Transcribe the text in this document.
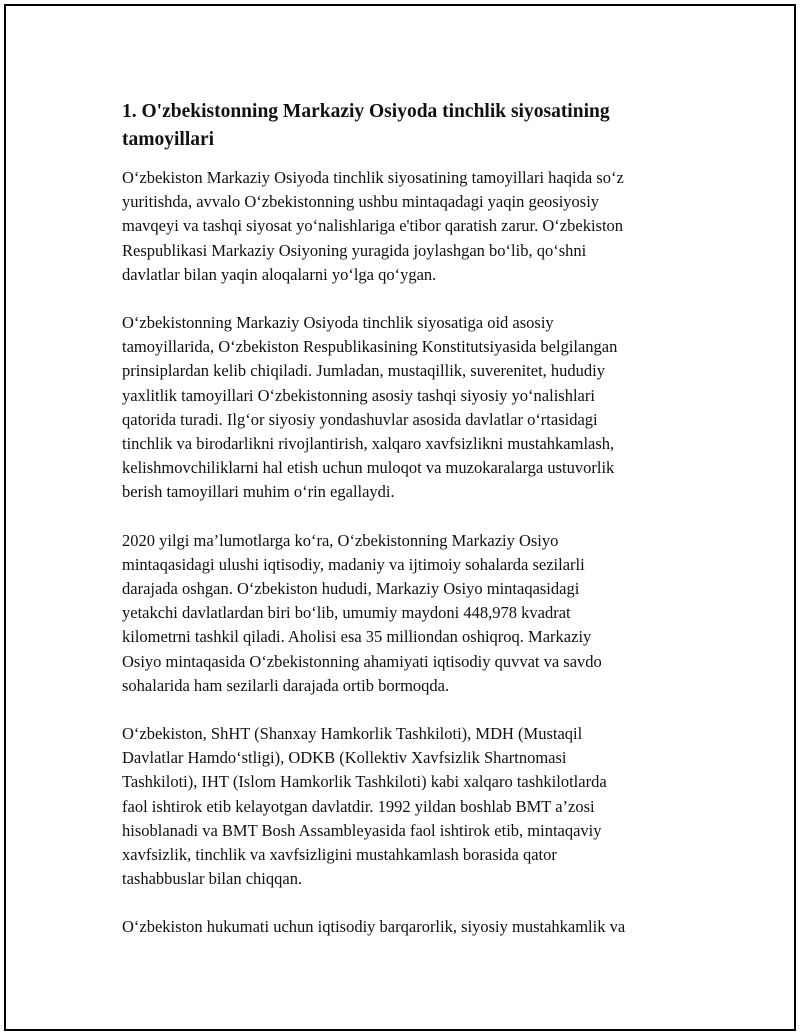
1. O'zbekistonning Markaziy Osiyoda tinchlik siyosatining
tamoyillari

O‘zbekiston Markaziy Osiyoda tinchlik siyosatining tamoyillari haqida so‘z
yuritishda, avvalo O‘zbekistonning ushbu mintaqadagi yaqin geosiyosiy
mavqeyi va tashqi siyosat yo‘nalishlariga e'tibor qaratish zarur. O‘zbekiston
Respublikasi Markaziy Osiyoning yuragida joylashgan bo‘lib, qo‘shni
davlatlar bilan yaqin aloqalarni yo‘lga qo‘ygan.

O‘zbekistonning Markaziy Osiyoda tinchlik siyosatiga oid asosiy
tamoyillarida, O‘zbekiston Respublikasining Konstitutsiyasida belgilangan
prinsiplardan kelib chiqiladi. Jumladan, mustaqillik, suverenitet, hududiy
yaxlitlik tamoyillari O‘zbekistonning asosiy tashqi siyosiy yo‘nalishlari
qatorida turadi. Ilg‘or siyosiy yondashuvlar asosida davlatlar o‘rtasidagi
tinchlik va birodarlikni rivojlantirish, xalqaro xavfsizlikni mustahkamlash,
kelishmovchiliklarni hal etish uchun muloqot va muzokaralarga ustuvorlik
berish tamoyillari muhim o‘rin egallaydi.

2020 yilgi ma’lumotlarga ko‘ra, O‘zbekistonning Markaziy Osiyo
mintaqasidagi ulushi iqtisodiy, madaniy va ijtimoiy sohalarda sezilarli
darajada oshgan. O‘zbekiston hududi, Markaziy Osiyo mintaqasidagi
yetakchi davlatlardan biri bo‘lib, umumiy maydoni 448,978 kvadrat
kilometrni tashkil qiladi. Aholisi esa 35 milliondan oshiqroq. Markaziy
Osiyo mintaqasida O‘zbekistonning ahamiyati iqtisodiy quvvat va savdo
sohalarida ham sezilarli darajada ortib bormoqda.

O‘zbekiston, ShHT (Shanxay Hamkorlik Tashkiloti), MDH (Mustaqil
Davlatlar Hamdo‘stligi), ODKB (Kollektiv Xavfsizlik Shartnomasi
Tashkiloti), IHT (Islom Hamkorlik Tashkiloti) kabi xalqaro tashkilotlarda
faol ishtirok etib kelayotgan davlatdir. 1992 yildan boshlab BMT a’zosi
hisoblanadi va BMT Bosh Assambleyasida faol ishtirok etib, mintaqaviy
xavfsizlik, tinchlik va xavfsizligini mustahkamlash borasida qator
tashabbuslar bilan chiqqan.

O‘zbekiston hukumati uchun iqtisodiy barqarorlik, siyosiy mustahkamlik va
